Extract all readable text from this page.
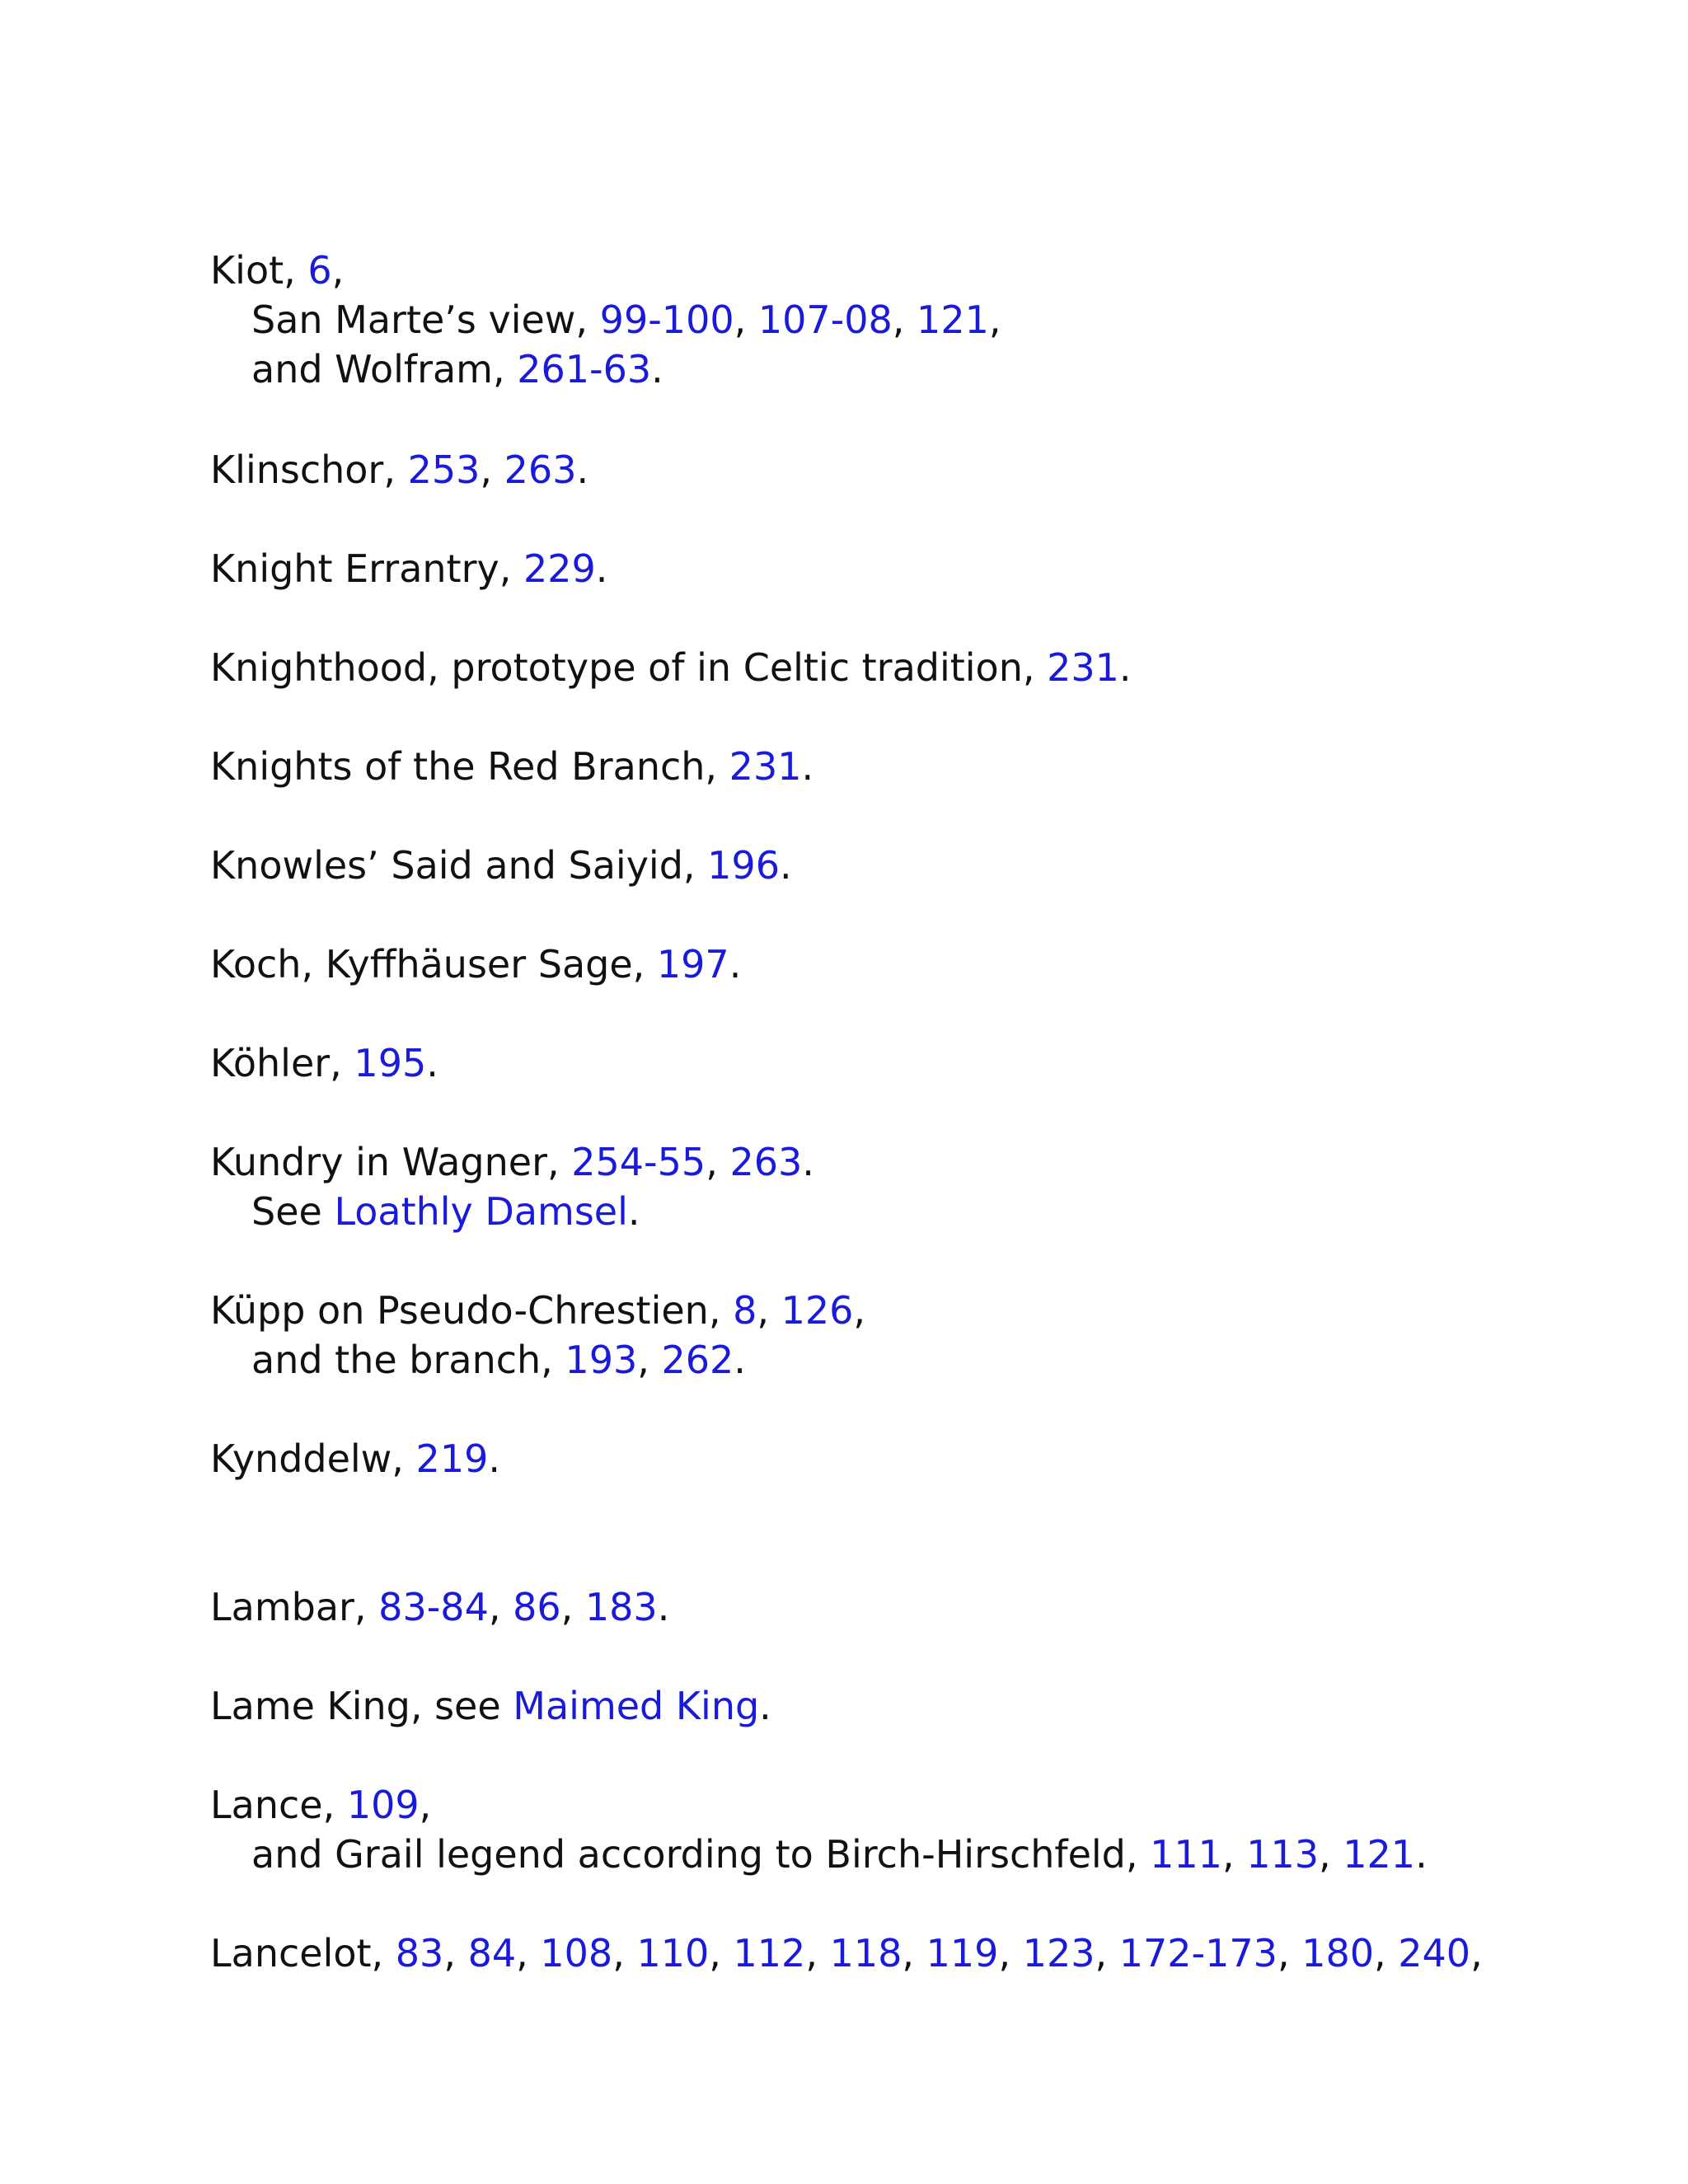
Kiot, 6,
San Marte’s view, 99-100, 107-08, 121,
and Wolfram, 261-63.
Klinschor, 253, 263.
Knight Errantry, 229.
Knighthood, prototype of in Celtic tradition, 231.
Knights of the Red Branch, 231.
Knowles’ Said and Saiyid, 196.
Koch, Kyffhäuser Sage, 197.
Köhler, 195.
Kundry in Wagner, 254-55, 263.
See Loathly Damsel.
Küpp on Pseudo-Chrestien, 8, 126,
and the branch, 193, 262.
Kynddelw, 219.
Lambar, 83-84, 86, 183.
Lame King, see Maimed King.
Lance, 109,
and Grail legend according to Birch-Hirschfeld, 111, 113, 121.
Lancelot, 83, 84, 108, 110, 112, 118, 119, 123, 172-173, 180, 240,
